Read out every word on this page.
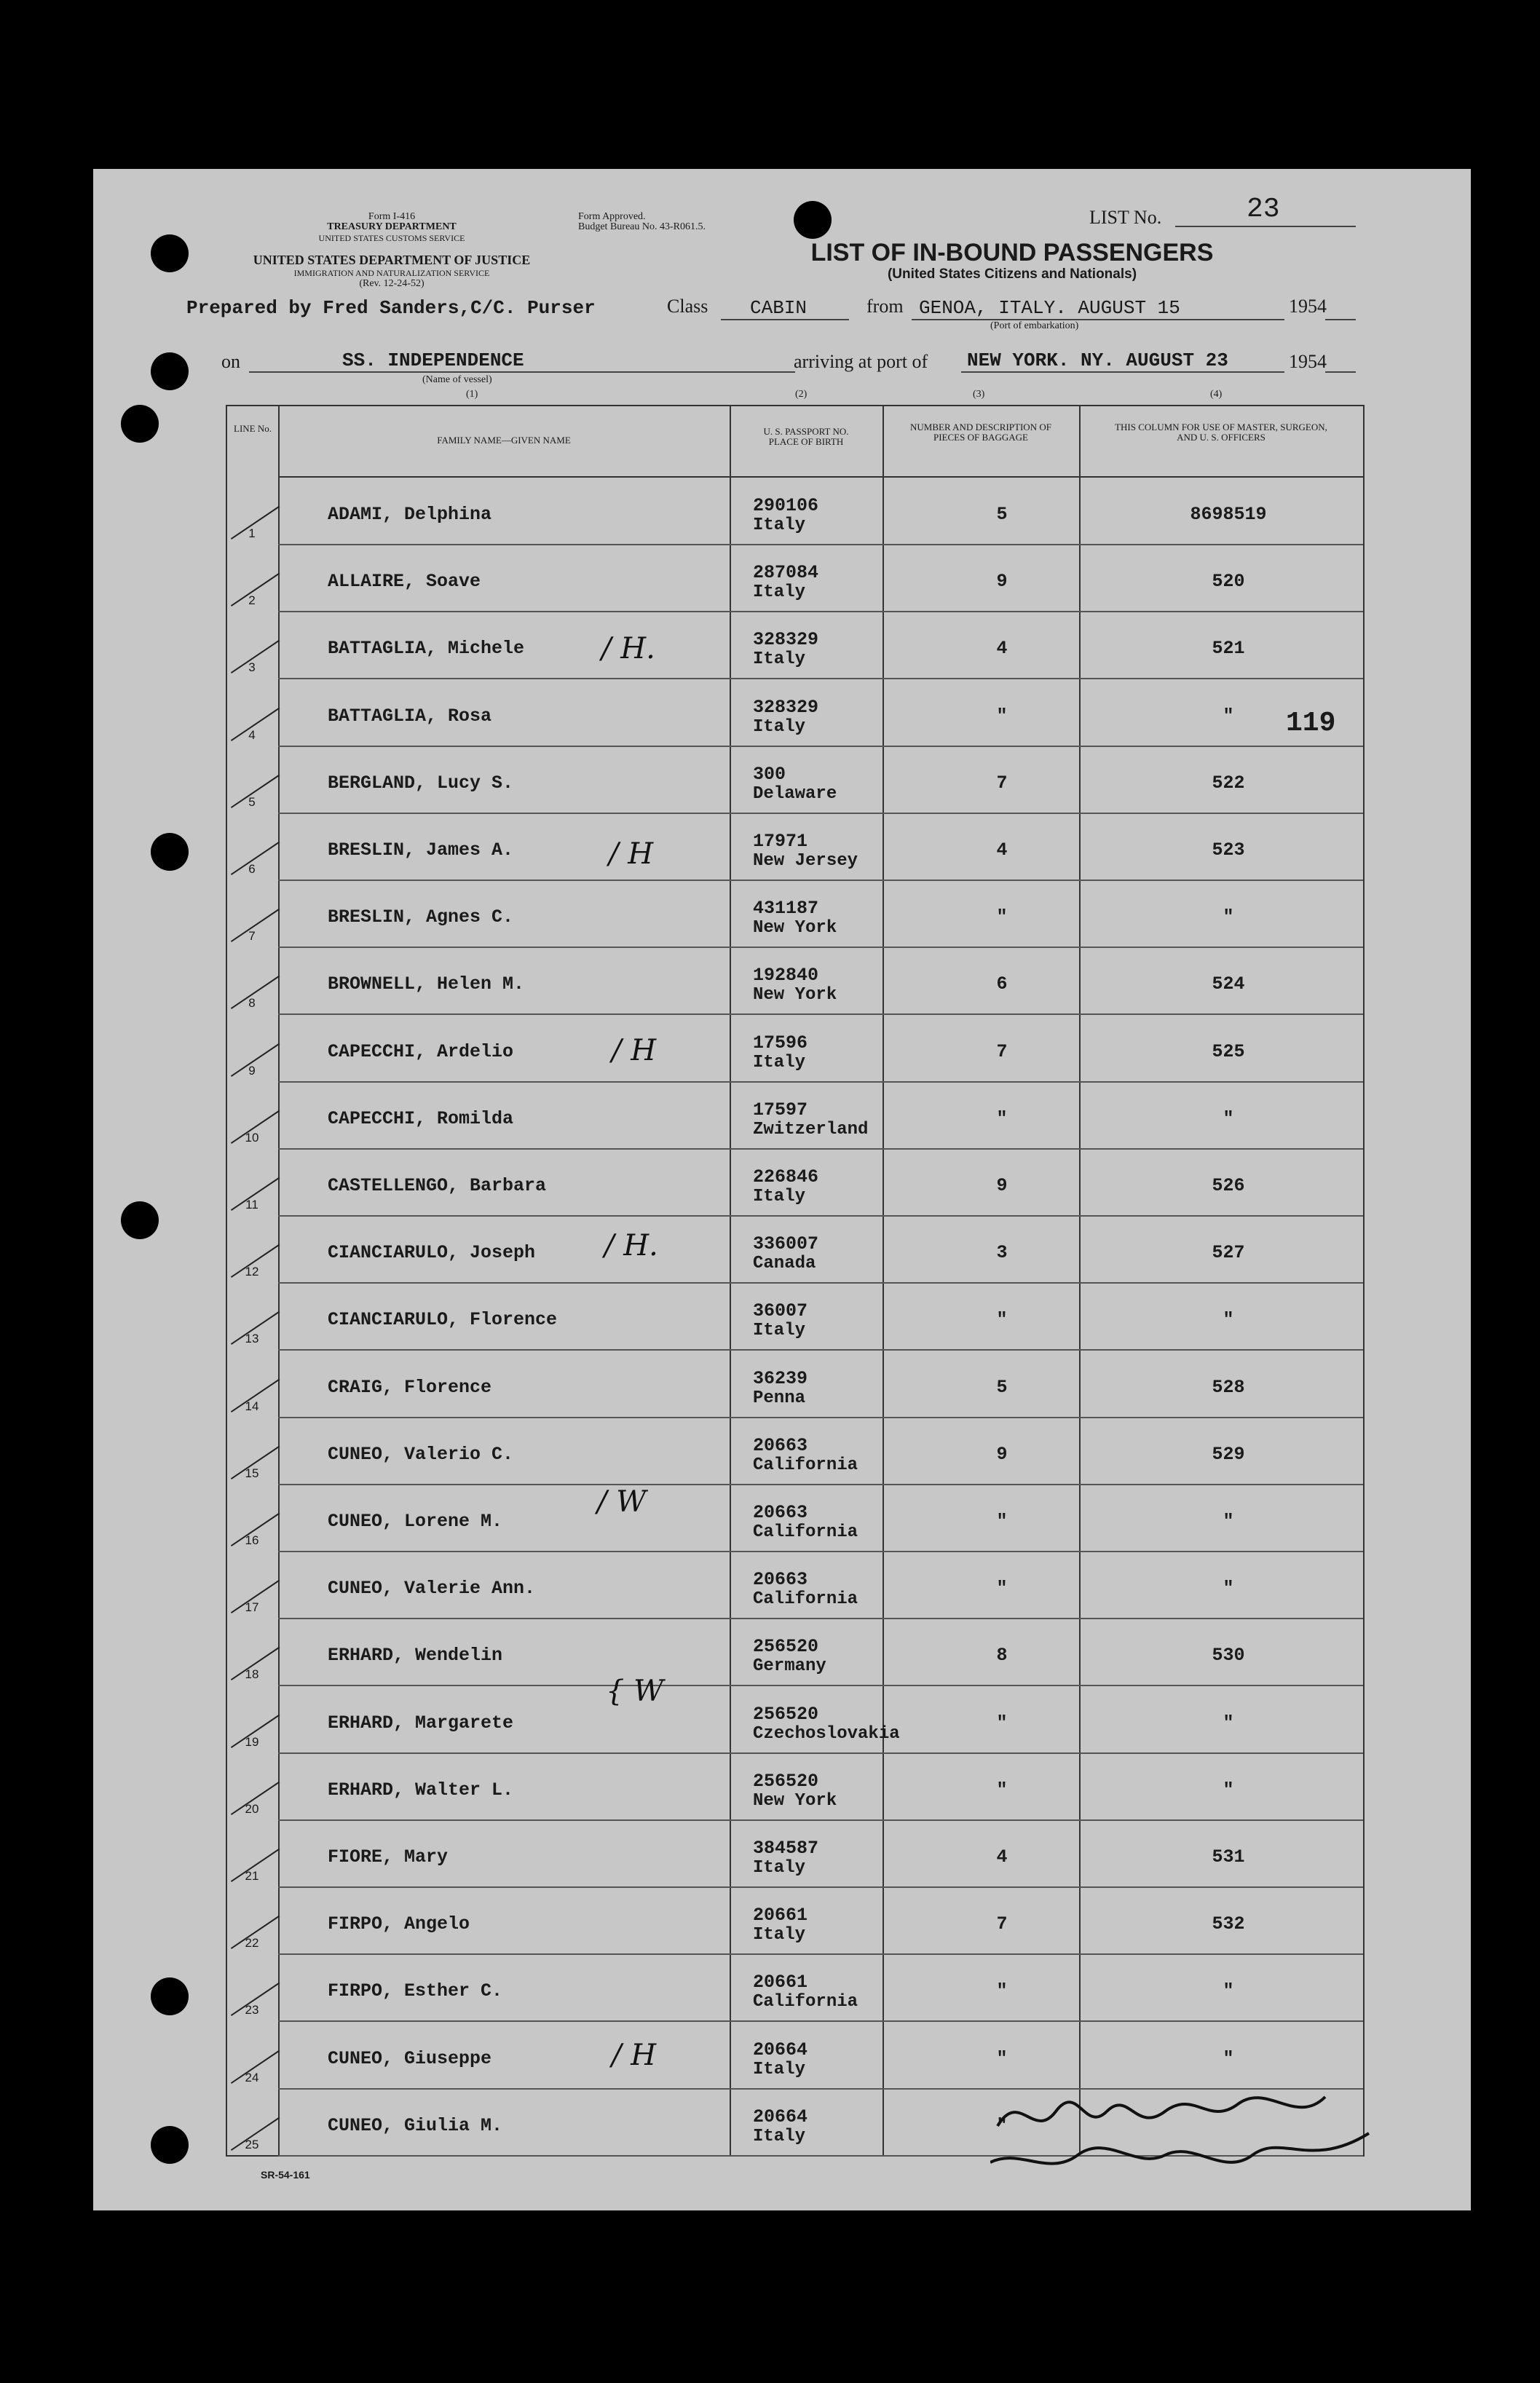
Form I-416
TREASURY DEPARTMENT
UNITED STATES CUSTOMS SERVICE
Form Approved.
Budget Bureau No. 43-R061.5.
UNITED STATES DEPARTMENT OF JUSTICE
IMMIGRATION AND NATURALIZATION SERVICE
(Rev. 12-24-52)
LIST No.	23
LIST OF IN-BOUND PASSENGERS
(United States Citizens and Nationals)
Prepared by Fred Sanders,C/C. Purser	Class CABIN	from GENOA, ITALY. AUGUST 15	1954
(Port of embarkation)
on	SS. INDEPENDENCE
(Name of vessel)
(1)
arriving at port of NEW YORK. NY. AUGUST 23	1954
(2)	(3)	(4)
LINE No.
FAMILY NAME—GIVEN NAME
U. S. PASSPORT NO. PLACE OF BIRTH
NUMBER AND DESCRIPTION OF PIECES OF BAGGAGE
THIS COLUMN FOR USE OF MASTER, SURGEON, AND U. S. OFFICERS
1
ADAMI, Delphina	290106
Italy
5	8698519
2
ALLAIRE, Soave	287084
Italy
9	520
3
BATTAGLIA, Michele	328329
Italy
4	521
4
BATTAGLIA, Rosa	328329
Italy
"	"
5
BERGLAND, Lucy S.	300
Delaware
7	522
6
BRESLIN, James A.	17971
New Jersey
4	523
7
BRESLIN, Agnes C.	431187
New York
"	"
8
BROWNELL, Helen M.	192840
New York
6	524
9
CAPECCHI, Ardelio	17596
Italy
7	525
10
CAPECCHI, Romilda	17597
Zwitzerland
"	"
11
CASTELLENGO, Barbara	226846
Italy
9	526
12
CIANCIARULO, Joseph	336007
Canada
3	527
13
CIANCIARULO, Florence	36007
Italy
"	"
14
CRAIG, Florence	36239
Penna
5	528
15
CUNEO, Valerio C.	20663
California
9	529
16
CUNEO, Lorene M.	20663
California
"	"
17
CUNEO, Valerie Ann.	20663
California
"	"
18
ERHARD, Wendelin	256520
Germany
8	530
19
ERHARD, Margarete	256520
Czechoslovakia
"	"
20
ERHARD, Walter L.	256520
New York
"	"
21
FIORE, Mary	384587
Italy
4	531
22
FIRPO, Angelo	20661
Italy
7	532
23
FIRPO, Esther C.	20661
California
"	"
24
CUNEO, Giuseppe	20664
Italy
"	"
25
CUNEO, Giulia M.	20664
Italy
"
119
SR-54-161
/ H.
/ H
/ H
/ H.
/ W
{ W
/ H
